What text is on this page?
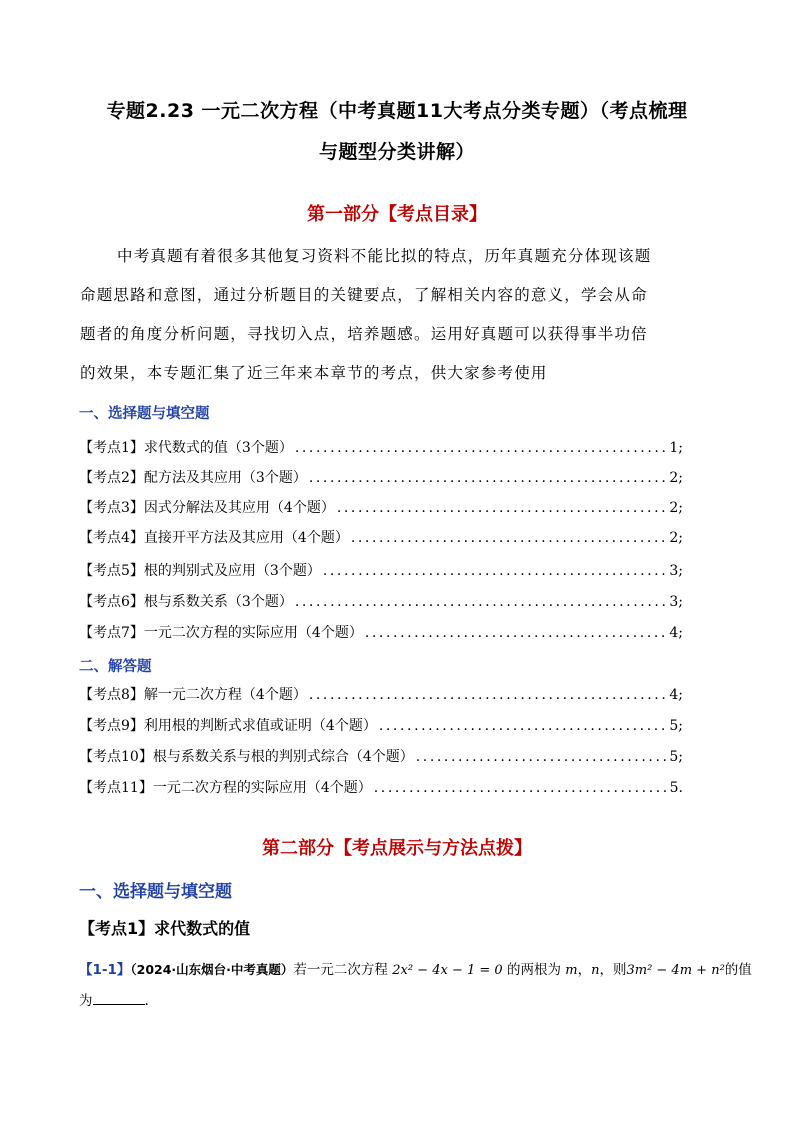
专题2.23 一元二次方程（中考真题11大考点分类专题）（考点梳理
与题型分类讲解）
第一部分【考点目录】
中考真题有着很多其他复习资料不能比拟的特点，历年真题充分体现该题
命题思路和意图，通过分析题目的关键要点，了解相关内容的意义，学会从命
题者的角度分析问题，寻找切入点，培养题感。运用好真题可以获得事半功倍
的效果，本专题汇集了近三年来本章节的考点，供大家参考使用
一、选择题与填空题
【考点1】求代数式的值（3个题） .....	1;
【考点2】配方法及其应用（3个题） .....	2;
【考点3】因式分解法及其应用（4个题） .....	2;
【考点4】直接开平方法及其应用（4个题） .....	2;
【考点5】根的判别式及应用（3个题） .....	3;
【考点6】根与系数关系（3个题） .....	3;
【考点7】一元二次方程的实际应用（4个题） .....	4;
二、解答题
【考点8】解一元二次方程（4个题） .....	4;
【考点9】利用根的判断式求值或证明（4个题） .....	5;
【考点10】根与系数关系与根的判别式综合（4个题） .....	5;
【考点11】一元二次方程的实际应用（4个题） .....	5.
第二部分【考点展示与方法点拨】
一、选择题与填空题
【考点1】求代数式的值
【1-1】（2024·山东烟台·中考真题）若一元二次方程 2x² − 4x − 1 = 0 的两根为 m，n，则3m² − 4m + n²的值
为	.
